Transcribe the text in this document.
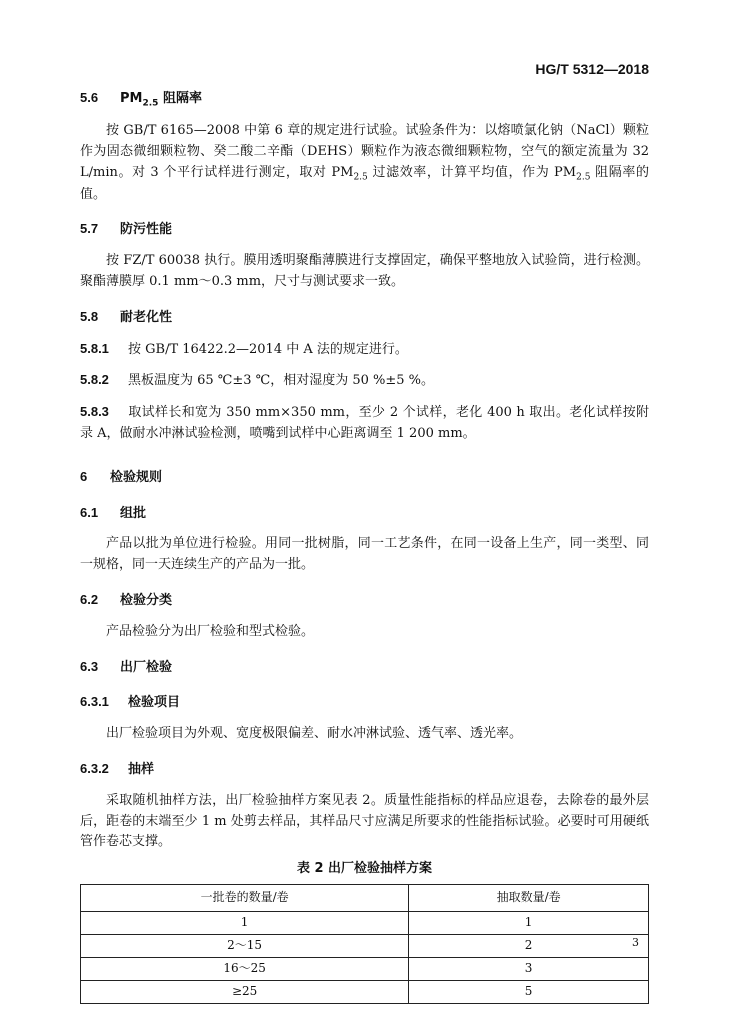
HG/T 5312—2018
5.6	$PM_{2.5}$ 阻隔率

按 GB/T 6165—2008 中第 6 章的规定进行试验。试验条件为：以熔喷氯化钠（NaCl）颗粒作为固态微细颗粒物、癸二酸二辛酯（DEHS）颗粒作为液态微细颗粒物，空气的额定流量为 32 L/min。对 3 个平行试样进行测定，取对 $PM_{2.5}$ 过滤效率，计算平均值，作为 $PM_{2.5}$ 阻隔率的值。

5.7	防污性能

按 FZ/T 60038 执行。膜用透明聚酯薄膜进行支撑固定，确保平整地放入试验筒，进行检测。聚酯薄膜厚 0.1 mm～0.3 mm，尺寸与测试要求一致。

5.8	耐老化性
5.8.1	按 GB/T 16422.2—2014 中 A 法的规定进行。
5.8.2	黑板温度为 65 ℃±3 ℃，相对湿度为 50 %±5 %。
5.8.3 取试样长和宽为 350 mm×350 mm，至少 2 个试样，老化 400 h 取出。老化试样按附录 A，做耐水冲淋试验检测，喷嘴到试样中心距离调至 1 200 mm。
6	检验规则
6.1	组批

产品以批为单位进行检验。用同一批树脂，同一工艺条件，在同一设备上生产，同一类型、同一规格，同一天连续生产的产品为一批。

6.2	检验分类

产品检验分为出厂检验和型式检验。

6.3	出厂检验
6.3.1	检验项目

出厂检验项目为外观、宽度极限偏差、耐水冲淋试验、透气率、透光率。

6.3.2	抽样

采取随机抽样方法，出厂检验抽样方案见表 2。质量性能指标的样品应退卷，去除卷的最外层后，距卷的末端至少 1 m 处剪去样品，其样品尺寸应满足所要求的性能指标试验。必要时可用硬纸管作卷芯支撑。

表 2 出厂检验抽样方案
一批卷的数量/卷	抽取数量/卷
1	1
2～15	2
16～25	3
≥25	5
3
